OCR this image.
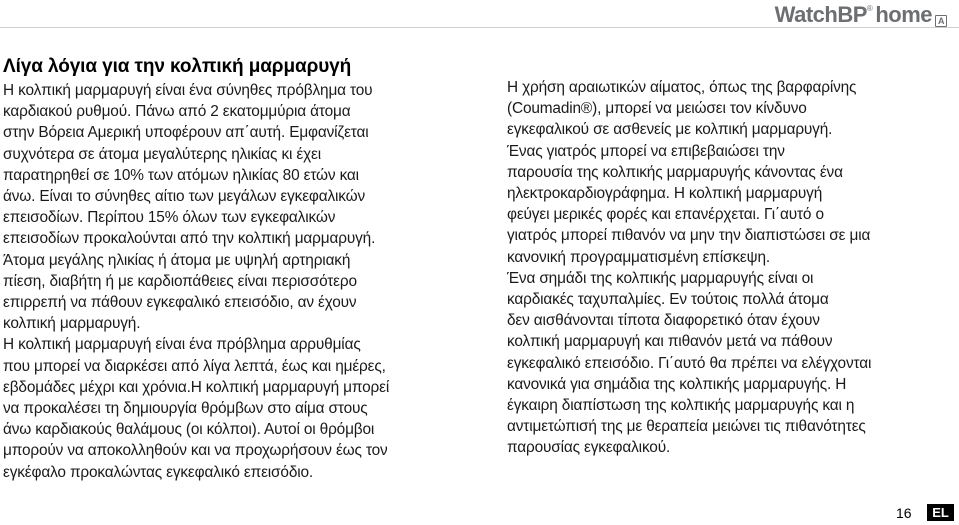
Watch BP ® home A
Λίγα λόγια για την κολπική μαρμαρυγή

Η κολπική μαρμαρυγή είναι ένα σύνηθες πρόβλημα του
καρδιακού ρυθμού. Πάνω από 2 εκατομμύρια άτομα
στην Βόρεια Αμερική υποφέρουν απ΄αυτή. Εμφανίζεται
συχνότερα σε άτομα μεγαλύτερης ηλικίας κι έχει
παρατηρηθεί σε 10% των ατόμων ηλικίας 80 ετών και
άνω. Είναι το σύνηθες αίτιο των μεγάλων εγκεφαλικών
επεισοδίων. Περίπου 15% όλων των εγκεφαλικών
επεισοδίων προκαλούνται από την κολπική μαρμαρυγή.
Άτομα μεγάλης ηλικίας ή άτομα με υψηλή αρτηριακή
πίεση, διαβήτη ή με καρδιοπάθειες είναι περισσότερο
επιρρεπή να πάθουν εγκεφαλικό επεισόδιο, αν έχουν
κολπική μαρμαρυγή.
Η κολπική μαρμαρυγή είναι ένα πρόβλημα αρρυθμίας
που μπορεί να διαρκέσει από λίγα λεπτά, έως και ημέρες,
εβδομάδες μέχρι και χρόνια.Η κολπική μαρμαρυγή μπορεί
να προκαλέσει τη δημιουργία θρόμβων στο αίμα στους
άνω καρδιακούς θαλάμους (οι κόλποι). Αυτοί οι θρόμβοι
μπορούν να αποκολληθούν και να προχωρήσουν έως τον
εγκέφαλο προκαλώντας εγκεφαλικό επεισόδιο.

Η χρήση αραιωτικών αίματος, όπως της βαρφαρίνης
(Coumadin®), μπορεί να μειώσει τον κίνδυνο
εγκεφαλικού σε ασθενείς με κολπική μαρμαρυγή.

Ένας γιατρός μπορεί να επιβεβαιώσει την
παρουσία της κολπικής μαρμαρυγής κάνοντας ένα
ηλεκτροκαρδιογράφημα. Η κολπική μαρμαρυγή
φεύγει μερικές φορές και επανέρχεται. Γι΄αυτό ο
γιατρός μπορεί πιθανόν να μην την διαπιστώσει σε μια
κανονική προγραμματισμένη επίσκεψη.

Ένα σημάδι της κολπικής μαρμαρυγής είναι οι
καρδιακές ταχυπαλμίες. Εν τούτοις πολλά άτομα
δεν αισθάνονται τίποτα διαφορετικό όταν έχουν
κολπική μαρμαρυγή και πιθανόν μετά να πάθουν
εγκεφαλικό επεισόδιο. Γι΄αυτό θα πρέπει να ελέγχονται
κανονικά για σημάδια της κολπικής μαρμαρυγής. Η
έγκαιρη διαπίστωση της κολπικής μαρμαρυγής και η
αντιμετώπισή της με θεραπεία μειώνει τις πιθανότητες
παρουσίας εγκεφαλικού.

16	EL
